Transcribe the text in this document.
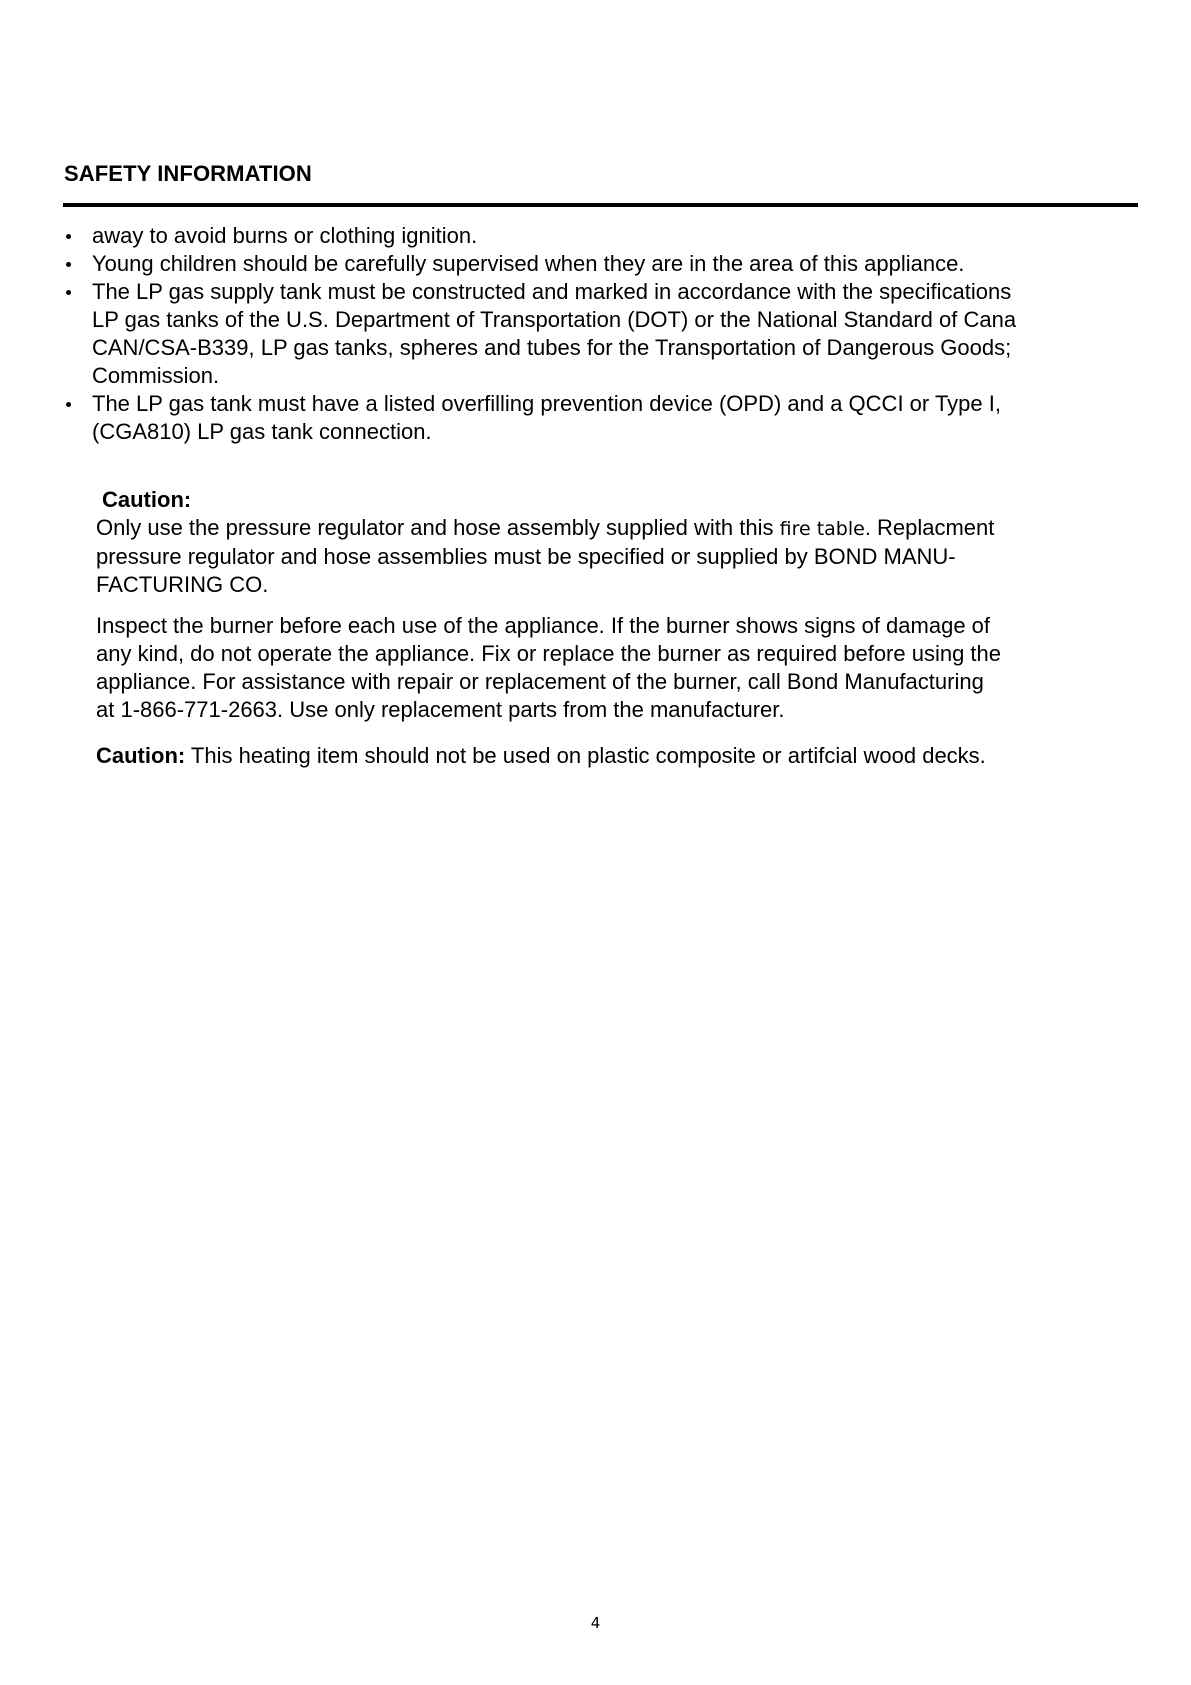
SAFETY INFORMATION
away to avoid burns or clothing ignition.
Young children should be carefully supervised when they are in the area of this appliance.
The LP gas supply tank must be constructed and marked in accordance with the specifications
LP gas tanks of the U.S. Department of Transportation (DOT) or the National Standard of Cana
CAN/CSA-B339, LP gas tanks, spheres and tubes for the Transportation of Dangerous Goods;
Commission.
The LP gas tank must have a listed overfilling prevention device (OPD) and a QCCI or Type I,
(CGA810) LP gas tank connection.

Caution:

Only use the pressure regulator and hose assembly supplied with this fire table. Replacment
pressure regulator and hose assemblies must be specified or supplied by BOND MANU-
FACTURING CO.

Inspect the burner before each use of the appliance. If the burner shows signs of damage of
any kind, do not operate the appliance. Fix or replace the burner as required before using the
appliance. For assistance with repair or replacement of the burner, call Bond Manufacturing
at 1-866-771-2663. Use only replacement parts from the manufacturer.

Caution: This heating item should not be used on plastic composite or artifcial wood decks.

4
